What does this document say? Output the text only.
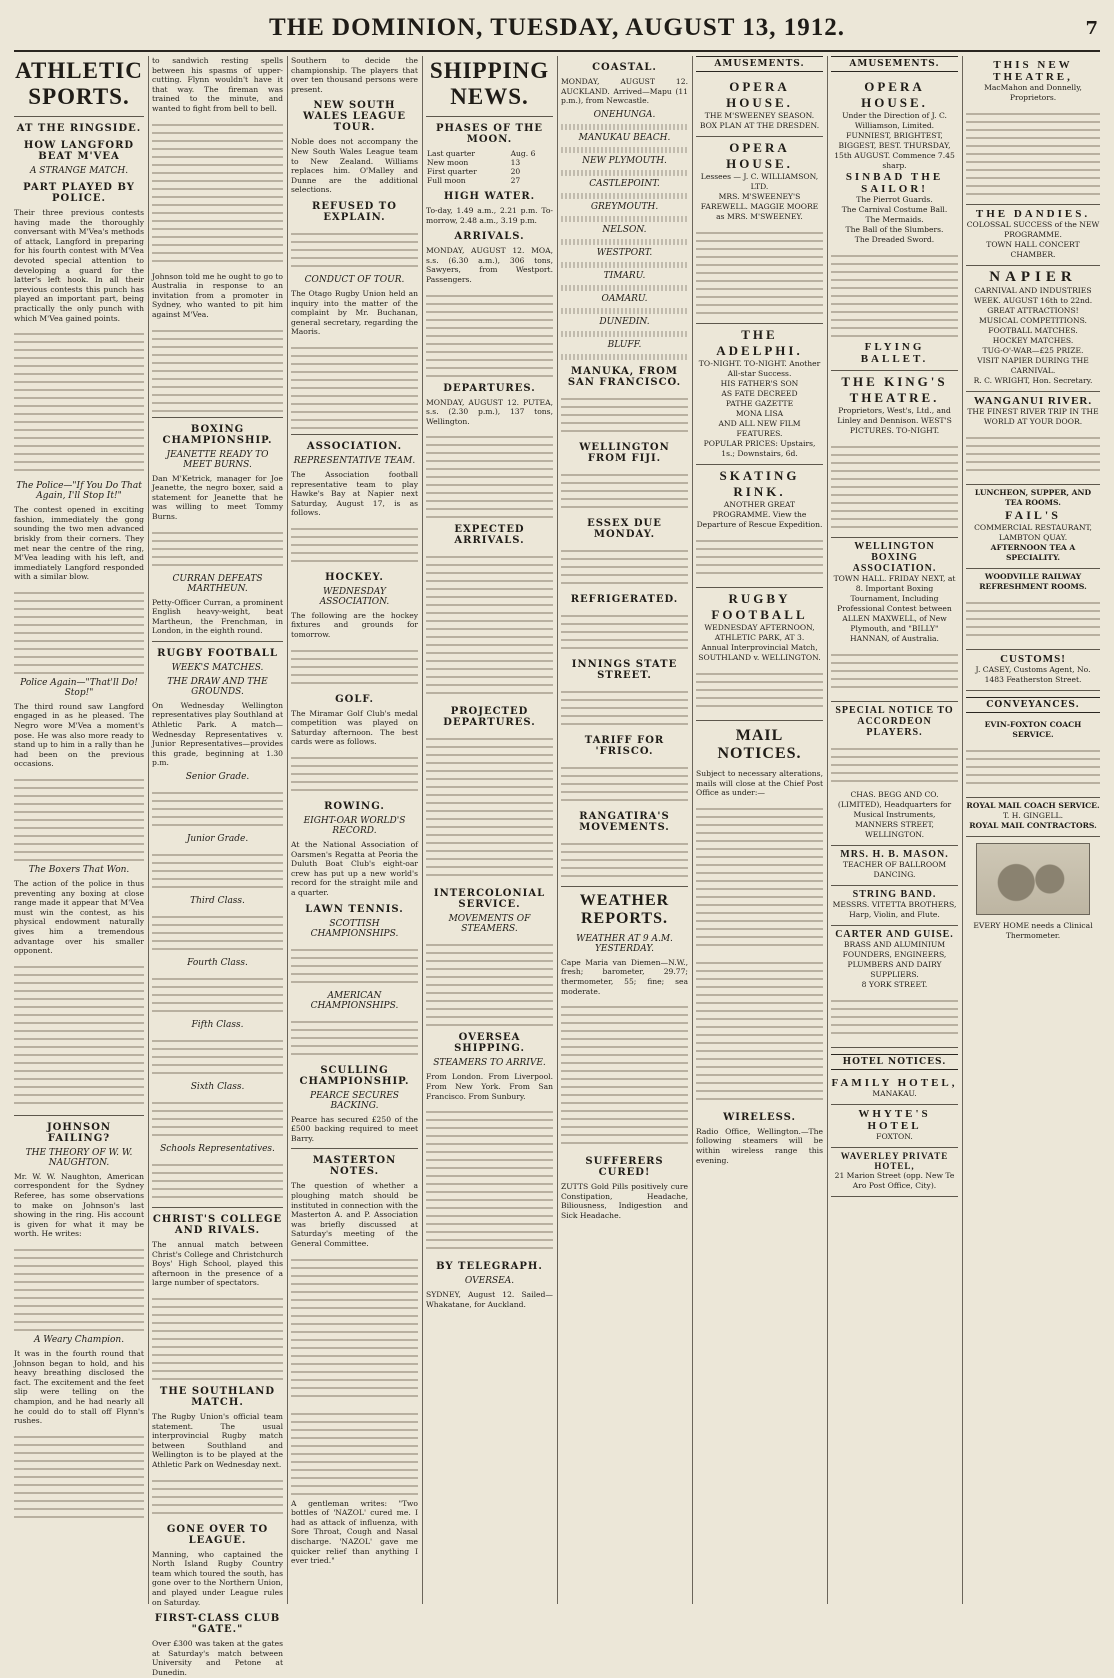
THE DOMINION, TUESDAY, AUGUST 13, 1912.	7
ATHLETIC SPORTS.
AT THE RINGSIDE.
HOW LANGFORD BEAT M'VEA
A STRANGE MATCH.
PART PLAYED BY POLICE.

Their three previous contests having made the thoroughly conversant with M'Vea's methods of attack, Langford in preparing for his fourth contest with M'Vea devoted special attention to developing a guard for the latter's left hook. In all their previous contests this punch has played an important part, being practically the only punch with which M'Vea gained points.

The Police—"If You Do That Again, I'll Stop It!"

The contest opened in exciting fashion, immediately the gong sounding the two men advanced briskly from their corners. They met near the centre of the ring, M'Vea leading with his left, and immediately Langford responded with a similar blow.

Police Again—"That'll Do! Stop!"

The third round saw Langford engaged in as he pleased. The Negro wore M'Vea a moment's pose. He was also more ready to stand up to him in a rally than he had been on the previous occasions.

The Boxers That Won.

The action of the police in thus preventing any boxing at close range made it appear that M'Vea must win the contest, as his physical endowment naturally gives him a tremendous advantage over his smaller opponent.

JOHNSON FAILING?
THE THEORY OF W. W. NAUGHTON.

Mr. W. W. Naughton, American correspondent for the Sydney Referee, has some observations to make on Johnson's last showing in the ring. His account is given for what it may be worth. He writes:

A Weary Champion.

It was in the fourth round that Johnson began to hold, and his heavy breathing disclosed the fact. The excitement and the feet slip were telling on the champion, and he had nearly all he could do to stall off Flynn's rushes.

to sandwich resting spells between his spasms of upper-cutting. Flynn wouldn't have it that way. The fireman was trained to the minute, and wanted to fight from bell to bell.

Johnson told me he ought to go to Australia in response to an invitation from a promoter in Sydney, who wanted to pit him against M'Vea.

BOXING CHAMPIONSHIP.
JEANETTE READY TO MEET BURNS.

Dan M'Ketrick, manager for Joe Jeanette, the negro boxer, said a statement for Jeanette that he was willing to meet Tommy Burns.

CURRAN DEFEATS MARTHEUN.

Petty-Officer Curran, a prominent English heavy-weight, beat Martheun, the Frenchman, in London, in the eighth round.

RUGBY FOOTBALL
WEEK'S MATCHES.
THE DRAW AND THE GROUNDS.

On Wednesday Wellington representatives play Southland at Athletic Park. A match—Wednesday Representatives v. Junior Representatives—provides this grade, beginning at 1.30 p.m.

Senior Grade.
Junior Grade.
Third Class.
Fourth Class.
Fifth Class.
Sixth Class.
Schools Representatives.
CHRIST'S COLLEGE AND RIVALS.

The annual match between Christ's College and Christchurch Boys' High School, played this afternoon in the presence of a large number of spectators.

THE SOUTHLAND MATCH.

The Rugby Union's official team statement. The usual interprovincial Rugby match between Southland and Wellington is to be played at the Athletic Park on Wednesday next.

GONE OVER TO LEAGUE.

Manning, who captained the North Island Rugby Country team which toured the south, has gone over to the Northern Union, and played under League rules on Saturday.

FIRST-CLASS CLUB "GATE."

Over £300 was taken at the gates at Saturday's match between University and Petone at Dunedin.

Southern to decide the championship. The players that over ten thousand persons were present.

NEW SOUTH WALES LEAGUE TOUR.

Noble does not accompany the New South Wales League team to New Zealand. Williams replaces him. O'Malley and Dunne are the additional selections.

REFUSED TO EXPLAIN.
CONDUCT OF TOUR.

The Otago Rugby Union held an inquiry into the matter of the complaint by Mr. Buchanan, general secretary, regarding the Maoris.

ASSOCIATION.
REPRESENTATIVE TEAM.

The Association football representative team to play Hawke's Bay at Napier next Saturday, August 17, is as follows.

HOCKEY.
WEDNESDAY ASSOCIATION.

The following are the hockey fixtures and grounds for tomorrow.

GOLF.

The Miramar Golf Club's medal competition was played on Saturday afternoon. The best cards were as follows.

ROWING.
EIGHT-OAR WORLD'S RECORD.

At the National Association of Oarsmen's Regatta at Peoria the Duluth Boat Club's eight-oar crew has put up a new world's record for the straight mile and a quarter.

LAWN TENNIS.
SCOTTISH CHAMPIONSHIPS.
AMERICAN CHAMPIONSHIPS.
SCULLING CHAMPIONSHIP.
PEARCE SECURES BACKING.

Pearce has secured £250 of the £500 backing required to meet Barry.

MASTERTON NOTES.

The question of whether a ploughing match should be instituted in connection with the Masterton A. and P. Association was briefly discussed at Saturday's meeting of the General Committee.

A gentleman writes: "Two bottles of 'NAZOL' cured me. I had as attack of influenza, with Sore Throat, Cough and Nasal discharge. 'NAZOL' gave me quicker relief than anything I ever tried."

SHIPPING NEWS.
PHASES OF THE MOON.
Last quarter	Aug. 6
New moon	13
First quarter	20
Full moon	27
HIGH WATER.

To-day, 1.49 a.m., 2.21 p.m. To-morrow, 2.48 a.m., 3.19 p.m.

ARRIVALS.

MONDAY, AUGUST 12. MOA, s.s. (6.30 a.m.), 306 tons, Sawyers, from Westport. Passengers.

DEPARTURES.

MONDAY, AUGUST 12. PUTEA, s.s. (2.30 p.m.), 137 tons, Wellington.

EXPECTED ARRIVALS.
PROJECTED DEPARTURES.
INTERCOLONIAL SERVICE.
MOVEMENTS OF STEAMERS.
OVERSEA SHIPPING.
STEAMERS TO ARRIVE.

From London. From Liverpool. From New York. From San Francisco. From Sunbury.

BY TELEGRAPH.
OVERSEA.

SYDNEY, August 12. Sailed—Whakatane, for Auckland.

COASTAL.

MONDAY, AUGUST 12. AUCKLAND. Arrived—Mapu (11 p.m.), from Newcastle.

ONEHUNGA.
MANUKAU BEACH.
NEW PLYMOUTH.
CASTLEPOINT.
GREYMOUTH.
NELSON.
WESTPORT.
TIMARU.
OAMARU.
DUNEDIN.
BLUFF.
MANUKA, FROM SAN FRANCISCO.
WELLINGTON FROM FIJI.
ESSEX DUE MONDAY.
REFRIGERATED.
INNINGS STATE STREET.
TARIFF FOR 'FRISCO.
RANGATIRA'S MOVEMENTS.
WEATHER REPORTS.
WEATHER AT 9 A.M. YESTERDAY.

Cape Maria van Diemen—N.W., fresh; barometer, 29.77; thermometer, 55; fine; sea moderate.

SUFFERERS CURED!

ZUTTS Gold Pills positively cure Constipation, Headache, Biliousness, Indigestion and Sick Headache.

AMUSEMENTS.
OPERA HOUSE.
THE M'SWEENEY SEASON.
BOX PLAN AT THE DRESDEN.
OPERA HOUSE.
Lessees — J. C. WILLIAMSON, LTD.
MRS. M'SWEENEY'S FAREWELL. MAGGIE MOORE as MRS. M'SWEENEY.
THE ADELPHI.
TO-NIGHT. TO-NIGHT. Another All-star Success.
HIS FATHER'S SON
AS FATE DECREED
PATHE GAZETTE
MONA LISA
AND ALL NEW FILM FEATURES.
POPULAR PRICES: Upstairs, 1s.; Downstairs, 6d.
SKATING RINK.
ANOTHER GREAT PROGRAMME. View the Departure of Rescue Expedition.
RUGBY FOOTBALL
WEDNESDAY AFTERNOON, ATHLETIC PARK, AT 3.
Annual Interprovincial Match, SOUTHLAND v. WELLINGTON.
MAIL NOTICES.

Subject to necessary alterations, mails will close at the Chief Post Office as under:—

WIRELESS.

Radio Office, Wellington.—The following steamers will be within wireless range this evening.

AMUSEMENTS.
OPERA HOUSE.
Under the Direction of J. C. Williamson, Limited.
FUNNIEST, BRIGHTEST, BIGGEST, BEST. THURSDAY, 15th AUGUST. Commence 7.45 sharp.
SINBAD THE SAILOR!
The Pierrot Guards.
The Carnival Costume Ball.
The Mermaids.
The Ball of the Slumbers.
The Dreaded Sword.
FLYING BALLET.
THE KING'S THEATRE.
Proprietors, West's, Ltd., and Linley and Dennison. WEST'S PICTURES. TO-NIGHT.
WELLINGTON BOXING ASSOCIATION.
TOWN HALL. FRIDAY NEXT, at 8. Important Boxing Tournament, Including Professional Contest between ALLEN MAXWELL, of New Plymouth, and "BILLY" HANNAN, of Australia.
SPECIAL NOTICE TO ACCORDEON PLAYERS.
CHAS. BEGG AND CO. (LIMITED), Headquarters for Musical Instruments, MANNERS STREET, WELLINGTON.
MRS. H. B. MASON.
TEACHER OF BALLROOM DANCING.
STRING BAND.
MESSRS. VITETTA BROTHERS, Harp, Violin, and Flute.
CARTER AND GUISE.
BRASS AND ALUMINIUM FOUNDERS, ENGINEERS, PLUMBERS AND DAIRY SUPPLIERS.
8 YORK STREET.
HOTEL NOTICES.
FAMILY HOTEL,
MANAKAU.
WHYTE'S HOTEL
FOXTON.
WAVERLEY PRIVATE HOTEL,
21 Marion Street (opp. New Te Aro Post Office, City).
THIS NEW THEATRE,
MacMahon and Donnelly, Proprietors.
THE DANDIES.
COLOSSAL SUCCESS of the NEW PROGRAMME.
TOWN HALL CONCERT CHAMBER.
NAPIER
CARNIVAL AND INDUSTRIES WEEK. AUGUST 16th to 22nd.
GREAT ATTRACTIONS!
MUSICAL COMPETITIONS.
FOOTBALL MATCHES.
HOCKEY MATCHES.
TUG-O'-WAR—£25 PRIZE.
VISIT NAPIER DURING THE CARNIVAL.
R. C. WRIGHT, Hon. Secretary.
WANGANUI RIVER.
THE FINEST RIVER TRIP IN THE WORLD AT YOUR DOOR.
LUNCHEON, SUPPER, AND TEA ROOMS.
FAIL'S
COMMERCIAL RESTAURANT, LAMBTON QUAY.
AFTERNOON TEA A SPECIALITY.
WOODVILLE RAILWAY REFRESHMENT ROOMS.
CUSTOMS!
J. CASEY, Customs Agent, No. 1483 Featherston Street.
CONVEYANCES.
EVIN-FOXTON COACH SERVICE.
ROYAL MAIL COACH SERVICE.
T. H. GINGELL.
ROYAL MAIL CONTRACTORS.
EVERY HOME needs a Clinical Thermometer.
